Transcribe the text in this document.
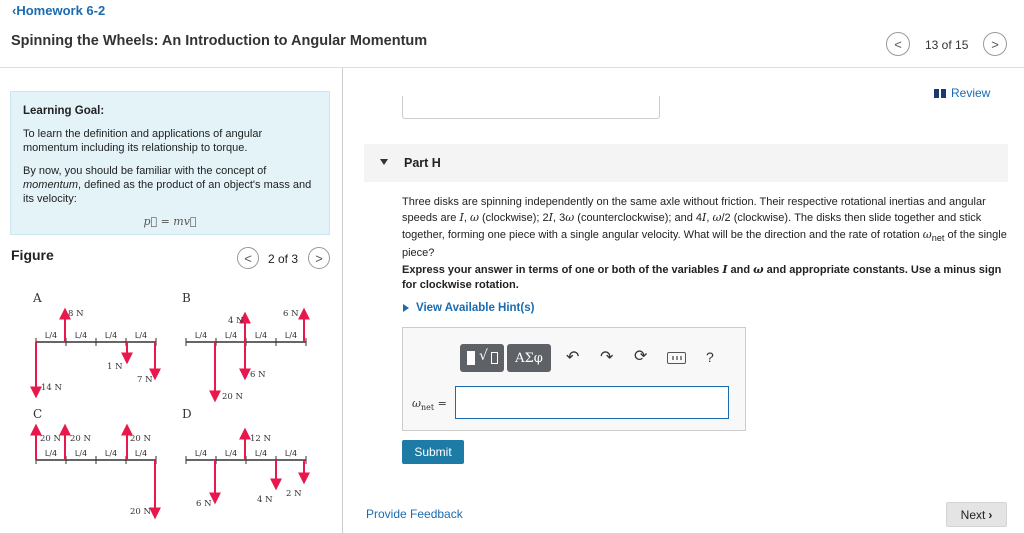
‹Homework 6-2
Spinning the Wheels: An Introduction to Angular Momentum	< 13 of 15 >
Learning Goal:

To learn the definition and applications of angular momentum including its relationship to torque.

By now, you should be familiar with the concept of momentum, defined as the product of an object's mass and its velocity:

p⃗ = mv⃗
Figure	< 2 of 3 >
A
L/4 L/4 L/4 L/4
8 N
1 N
7 N
14 N
B
L/4 L/4 L/4 L/4
4 N
6 N
6 N
20 N
C
L/4 L/4 L/4 L/4
20 N 20 N	20 N
20 N
D
L/4 L/4 L/4 L/4
12 N
6 N	4 N
2 N
Review
Part H
Three disks are spinning independently on the same axle without friction. Their respective rotational inertias and angular speeds are I, ω (clockwise); 2I, 3ω (counterclockwise); and 4I, ω/2 (clockwise). The disks then slide together and stick together, forming one piece with a single angular velocity. What will be the direction and the rate of rotation $\omega_{net}$ of the single piece?
Express your answer in terms of one or both of the variables I and ω and appropriate constants. Use a minus sign for clockwise rotation.
View Available Hint(s)
√	ΑΣφ	↶ ↷ ⟳	?
$\omega_{net}$ =
Submit
Provide Feedback	Next ›
